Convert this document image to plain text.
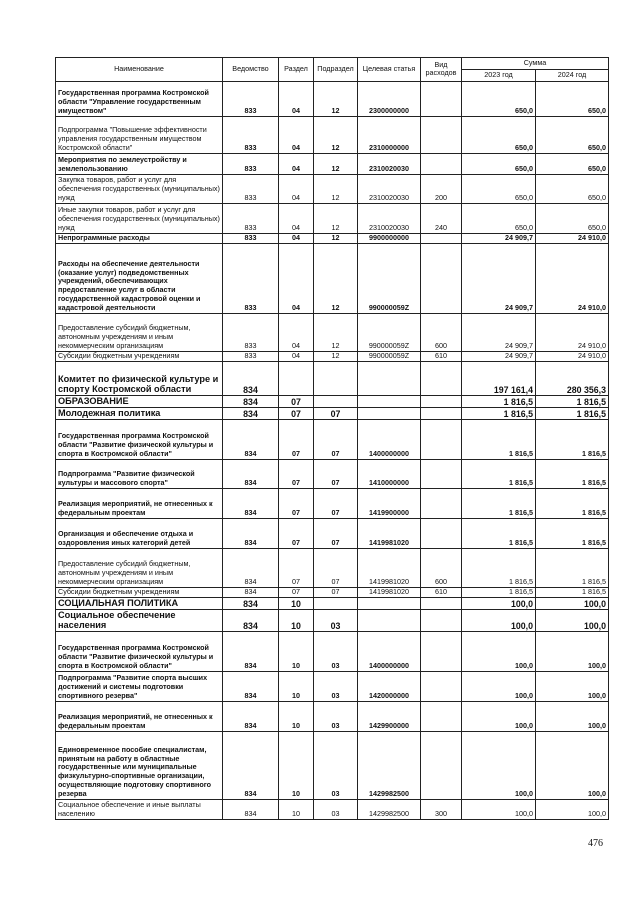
Наименование	Ведомство	Раздел	Подраздел	Целевая статья	Вид расходов	Сумма	
						2023 год	2024 год
Государственная программа Костромской области "Управление государственным имуществом"	833	04	12	2300000000		650,0	650,0
Подпрограмма "Повышение эффективности управления государственным имуществом Костромской области"	833	04	12	2310000000		650,0	650,0
Мероприятия по землеустройству и землепользованию	833	04	12	2310020030		650,0	650,0
Закупка товаров, работ и услуг для обеспечения государственных (муниципальных) нужд	833	04	12	2310020030	200	650,0	650,0
Иные закупки товаров, работ и услуг для обеспечения государственных (муниципальных) нужд	833	04	12	2310020030	240	650,0	650,0
Непрограммные расходы	833	04	12	9900000000		24 909,7	24 910,0
Расходы на обеспечение деятельности (оказание услуг) подведомственных учреждений, обеспечивающих предоставление услуг в области государственной кадастровой оценки и кадастровой деятельности	833	04	12	990000059Z		24 909,7	24 910,0
Предоставление субсидий бюджетным, автономным учреждениям и иным некоммерческим организациям	833	04	12	990000059Z	600	24 909,7	24 910,0
Субсидии бюджетным учреждениям	833	04	12	990000059Z	610	24 909,7	24 910,0
Комитет по физической культуре и спорту Костромской области	834					197 161,4	280 356,3
ОБРАЗОВАНИЕ	834	07				1 816,5	1 816,5
Молодежная политика	834	07	07			1 816,5	1 816,5
Государственная программа Костромской области "Развитие физической культуры и спорта в Костромской области"	834	07	07	1400000000		1 816,5	1 816,5
Подпрограмма "Развитие физической культуры и массового спорта"	834	07	07	1410000000		1 816,5	1 816,5
Реализация мероприятий, не отнесенных к федеральным проектам	834	07	07	1419900000		1 816,5	1 816,5
Организация и обеспечение отдыха и оздоровления иных категорий детей	834	07	07	1419981020		1 816,5	1 816,5
Предоставление субсидий бюджетным, автономным учреждениям и иным некоммерческим организациям	834	07	07	1419981020	600	1 816,5	1 816,5
Субсидии бюджетным учреждениям	834	07	07	1419981020	610	1 816,5	1 816,5
СОЦИАЛЬНАЯ ПОЛИТИКА	834	10				100,0	100,0
Социальное обеспечение населения	834	10	03			100,0	100,0
Государственная программа Костромской области "Развитие физической культуры и спорта в Костромской области"	834	10	03	1400000000		100,0	100,0
Подпрограмма "Развитие спорта высших достижений и системы подготовки спортивного резерва"	834	10	03	1420000000		100,0	100,0
Реализация мероприятий, не отнесенных к федеральным проектам	834	10	03	1429900000		100,0	100,0
Единовременное пособие специалистам, принятым на работу в областные государственные или муниципальные физкультурно-спортивные организации, осуществляющие подготовку спортивного резерва	834	10	03	1429982500		100,0	100,0
Социальное обеспечение и иные выплаты населению	834	10	03	1429982500	300	100,0	100,0
476
